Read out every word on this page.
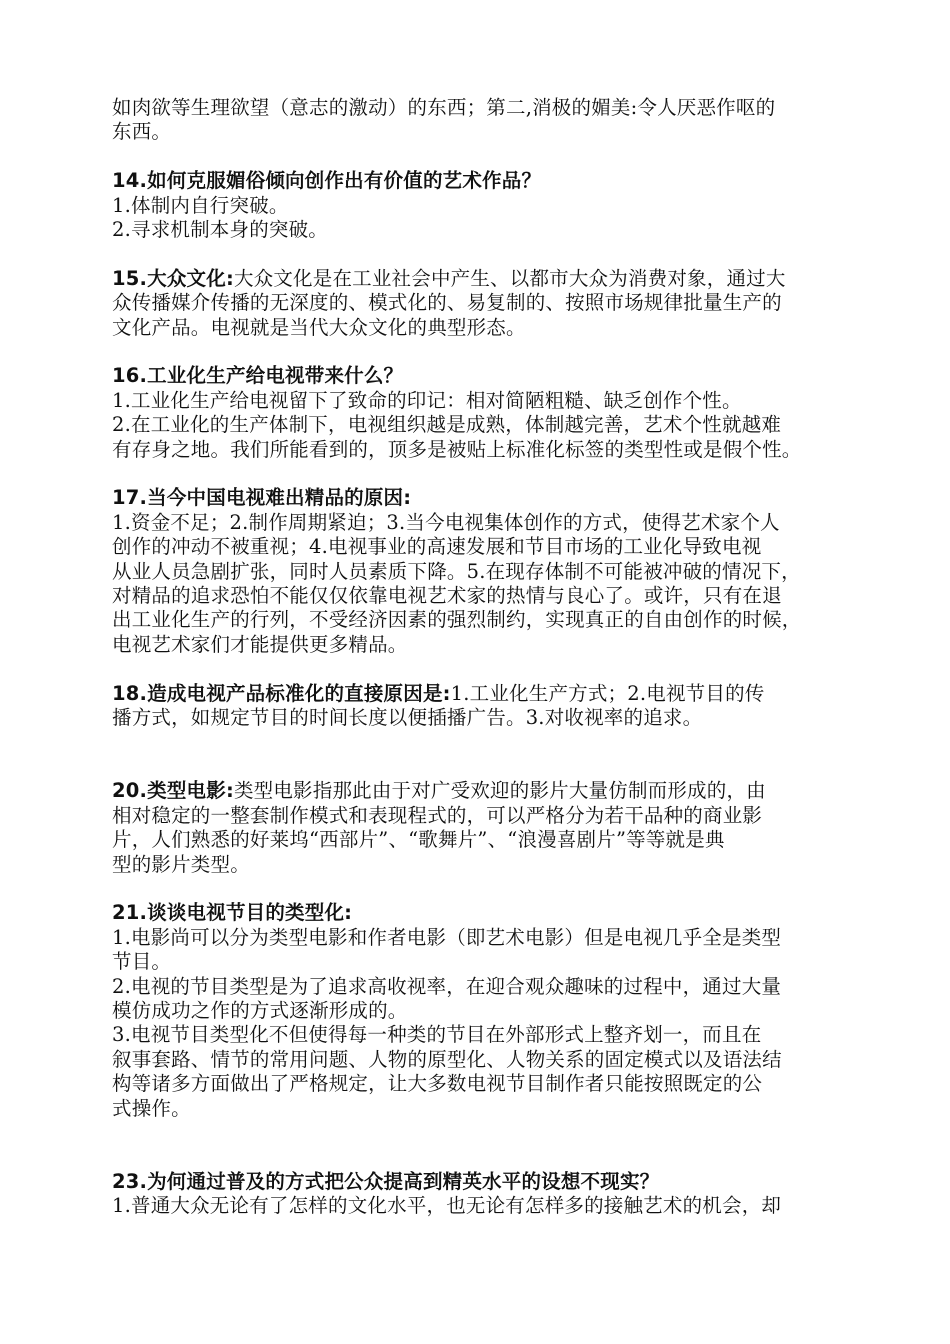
如肉欲等生理欲望（意志的激动）的东西；第二,消极的媚美:令人厌恶作呕的
东西。
14.如何克服媚俗倾向创作出有价值的艺术作品？
1.体制内自行突破。
2.寻求机制本身的突破。
15.大众文化:大众文化是在工业社会中产生、以都市大众为消费对象，通过大
众传播媒介传播的无深度的、模式化的、易复制的、按照市场规律批量生产的
文化产品。电视就是当代大众文化的典型形态。
16.工业化生产给电视带来什么？
1.工业化生产给电视留下了致命的印记：相对简陋粗糙、缺乏创作个性。
2.在工业化的生产体制下，电视组织越是成熟，体制越完善，艺术个性就越难
有存身之地。我们所能看到的，顶多是被贴上标准化标签的类型性或是假个性。
17.当今中国电视难出精品的原因:
1.资金不足；2.制作周期紧迫；3.当今电视集体创作的方式，使得艺术家个人
创作的冲动不被重视；4.电视事业的高速发展和节目市场的工业化导致电视
从业人员急剧扩张，同时人员素质下降。5.在现存体制不可能被冲破的情况下，
对精品的追求恐怕不能仅仅依靠电视艺术家的热情与良心了。或许，只有在退
出工业化生产的行列，不受经济因素的强烈制约，实现真正的自由创作的时候，
电视艺术家们才能提供更多精品。
18.造成电视产品标准化的直接原因是:1.工业化生产方式；2.电视节目的传
播方式，如规定节目的时间长度以便插播广告。3.对收视率的追求。
20.类型电影:类型电影指那此由于对广受欢迎的影片大量仿制而形成的，由
相对稳定的一整套制作模式和表现程式的，可以严格分为若干品种的商业影
片，人们熟悉的好莱坞“西部片”、“歌舞片”、“浪漫喜剧片”等等就是典
型的影片类型。
21.谈谈电视节目的类型化:
1.电影尚可以分为类型电影和作者电影（即艺术电影）但是电视几乎全是类型
节目。
2.电视的节目类型是为了追求高收视率，在迎合观众趣味的过程中，通过大量
模仿成功之作的方式逐渐形成的。
3.电视节目类型化不但使得每一种类的节目在外部形式上整齐划一，而且在
叙事套路、情节的常用问题、人物的原型化、人物关系的固定模式以及语法结
构等诸多方面做出了严格规定，让大多数电视节目制作者只能按照既定的公
式操作。
23.为何通过普及的方式把公众提高到精英水平的设想不现实？
1.普通大众无论有了怎样的文化水平，也无论有怎样多的接触艺术的机会，却
